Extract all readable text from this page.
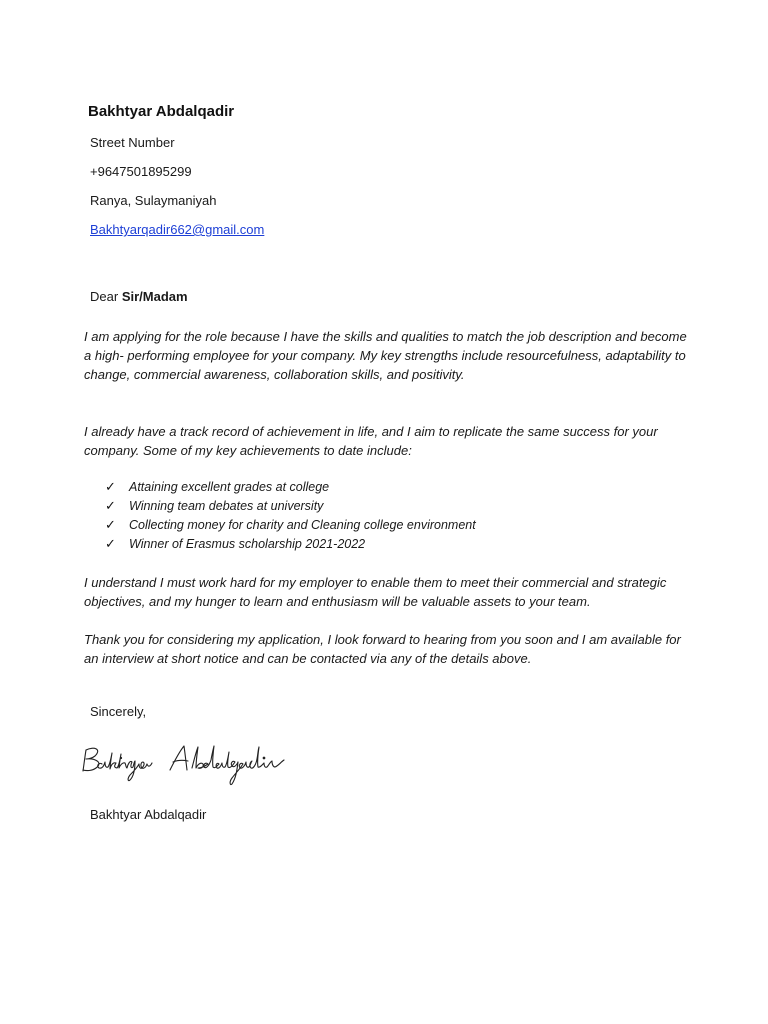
Bakhtyar Abdalqadir
Street Number
+9647501895299
Ranya, Sulaymaniyah
Bakhtyarqadir662@gmail.com
Dear Sir/Madam

I am applying for the role because I have the skills and qualities to match the job description and become a high- performing employee for your company. My key strengths include resourcefulness, adaptability to change, commercial awareness, collaboration skills, and positivity.

I already have a track record of achievement in life, and I aim to replicate the same success for your company. Some of my key achievements to date include:

✓ Attaining excellent grades at college
✓ Winning team debates at university
✓ Collecting money for charity and Cleaning college environment
✓ Winner of Erasmus scholarship 2021-2022

I understand I must work hard for my employer to enable them to meet their commercial and strategic objectives, and my hunger to learn and enthusiasm will be valuable assets to your team.

Thank you for considering my application, I look forward to hearing from you soon and I am available for an interview at short notice and can be contacted via any of the details above.

Sincerely,
Bakhtyar Abdalqadir
